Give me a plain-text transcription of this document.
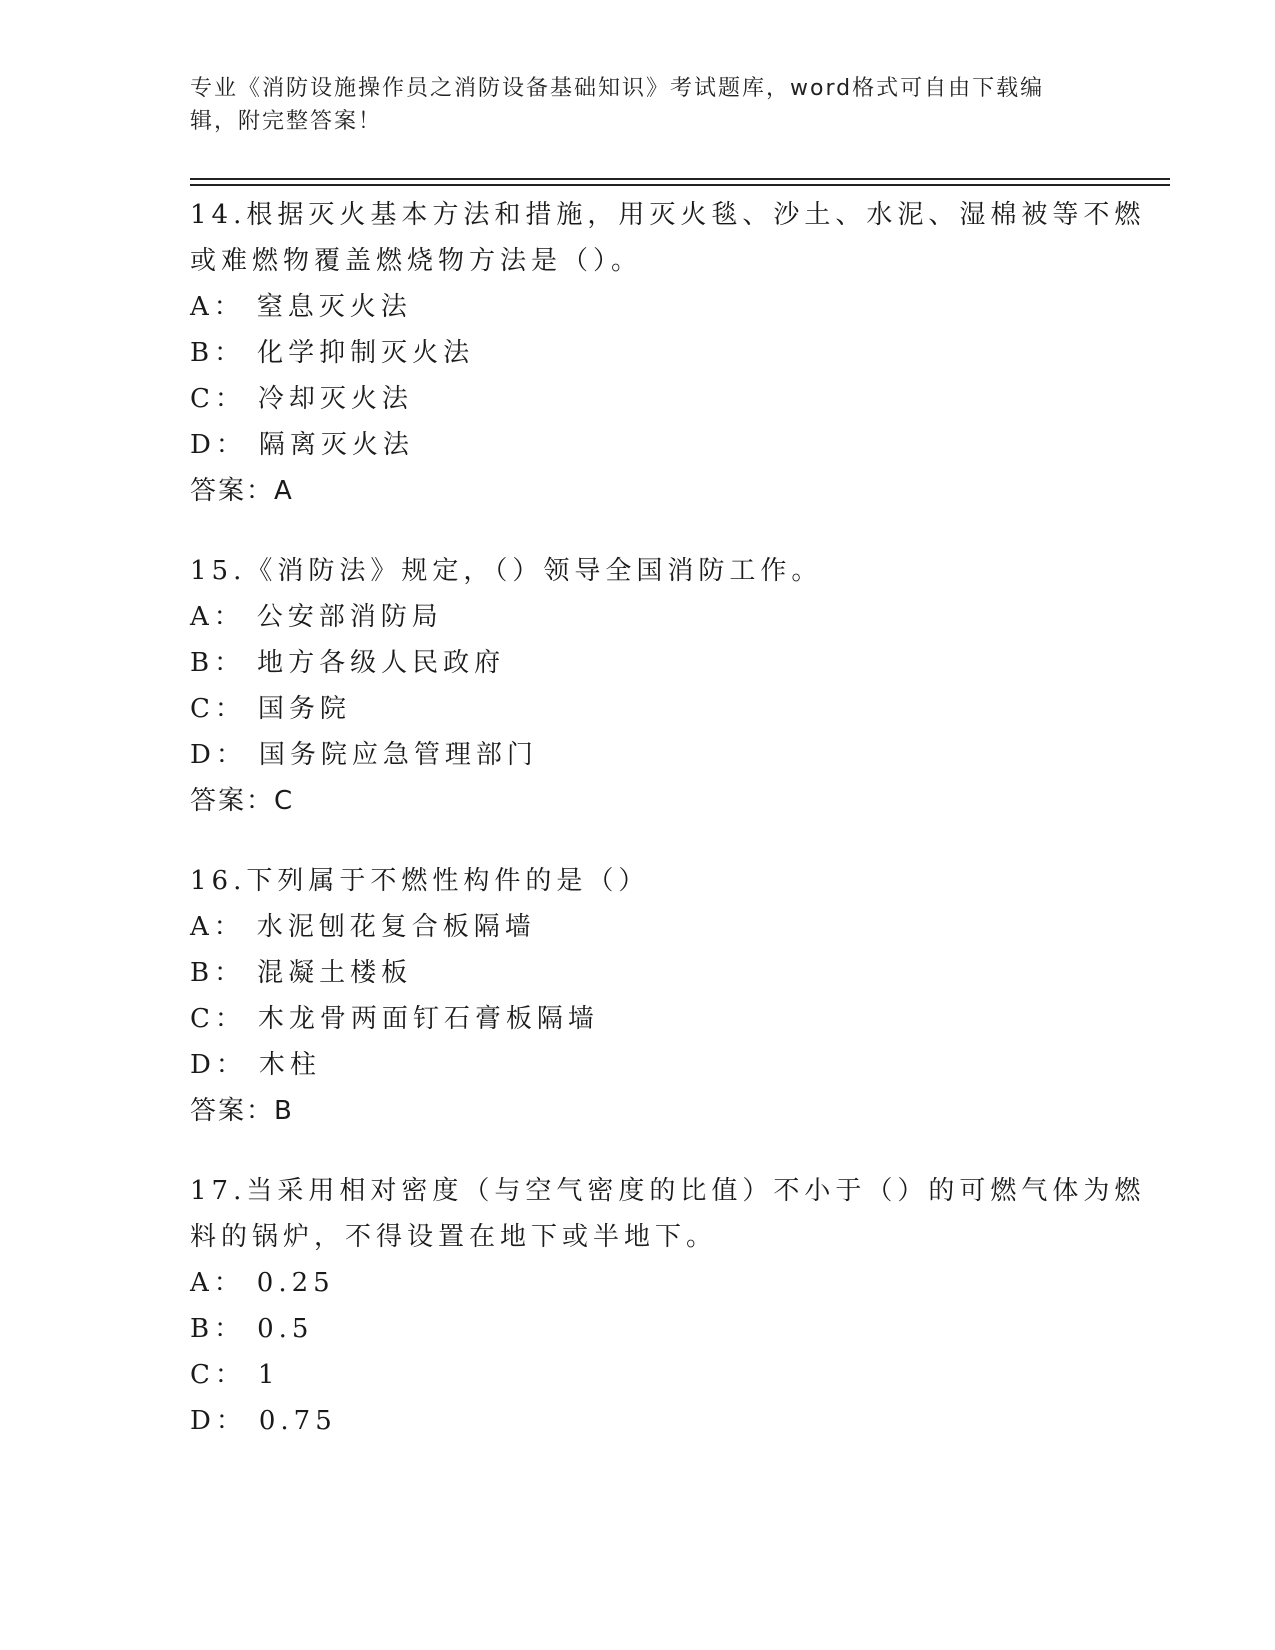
专业《消防设施操作员之消防设备基础知识》考试题库，word格式可自由下载编
辑，附完整答案！
14.根据灭火基本方法和措施，用灭火毯、沙土、水泥、湿棉被等不燃
或难燃物覆盖燃烧物方法是（）。
A： 窒息灭火法
B： 化学抑制灭火法
C： 冷却灭火法
D： 隔离灭火法
答案：A
15.《消防法》规定，（）领导全国消防工作。
A： 公安部消防局
B： 地方各级人民政府
C： 国务院
D： 国务院应急管理部门
答案：C
16.下列属于不燃性构件的是（）
A： 水泥刨花复合板隔墙
B： 混凝土楼板
C： 木龙骨两面钉石膏板隔墙
D： 木柱
答案：B
17.当采用相对密度（与空气密度的比值）不小于（）的可燃气体为燃
料的锅炉，不得设置在地下或半地下。
A： 0.25
B： 0.5
C： 1
D： 0.75
